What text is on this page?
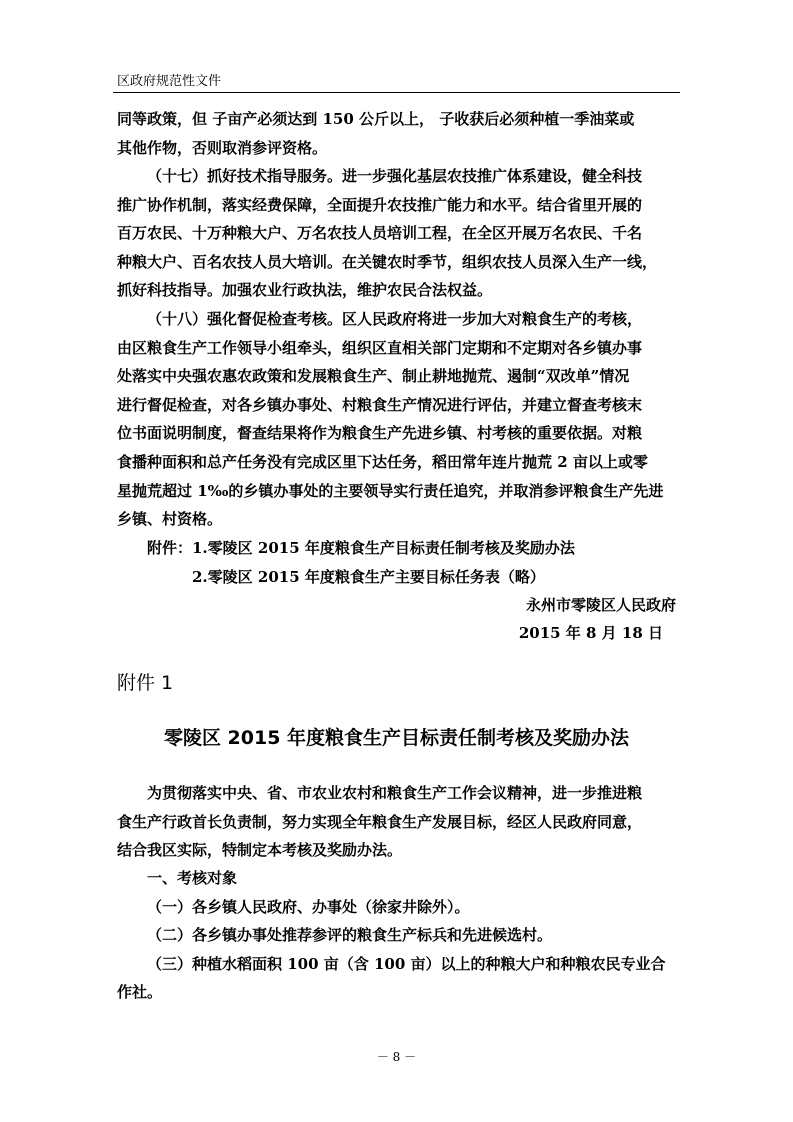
区政府规范性文件
同等政策，但 子亩产必须达到 150 公斤以上， 子收获后必须种植一季油菜或
其他作物，否则取消参评资格。
（十七）抓好技术指导服务。进一步强化基层农技推广体系建设，健全科技
推广协作机制，落实经费保障，全面提升农技推广能力和水平。结合省里开展的
百万农民、十万种粮大户、万名农技人员培训工程，在全区开展万名农民、千名
种粮大户、百名农技人员大培训。在关键农时季节，组织农技人员深入生产一线，
抓好科技指导。加强农业行政执法，维护农民合法权益。
（十八）强化督促检查考核。区人民政府将进一步加大对粮食生产的考核，
由区粮食生产工作领导小组牵头，组织区直相关部门定期和不定期对各乡镇办事
处落实中央强农惠农政策和发展粮食生产、制止耕地抛荒、遏制“双改单”情况
进行督促检查，对各乡镇办事处、村粮食生产情况进行评估，并建立督查考核末
位书面说明制度，督查结果将作为粮食生产先进乡镇、村考核的重要依据。对粮
食播种面积和总产任务没有完成区里下达任务，稻田常年连片抛荒 2 亩以上或零
星抛荒超过 1‰的乡镇办事处的主要领导实行责任追究，并取消参评粮食生产先进
乡镇、村资格。
附件：1.零陵区 2015 年度粮食生产目标责任制考核及奖励办法
2.零陵区 2015 年度粮食生产主要目标任务表（略）
永州市零陵区人民政府
2015 年 8 月 18 日
附件 1
零陵区 2015 年度粮食生产目标责任制考核及奖励办法
为贯彻落实中央、省、市农业农村和粮食生产工作会议精神，进一步推进粮
食生产行政首长负责制，努力实现全年粮食生产发展目标，经区人民政府同意，
结合我区实际，特制定本考核及奖励办法。
一、考核对象
（一）各乡镇人民政府、办事处（徐家井除外）。
（二）各乡镇办事处推荐参评的粮食生产标兵和先进候选村。
（三）种植水稻面积 100 亩（含 100 亩）以上的种粮大户和种粮农民专业合
作社。
－ 8 －
